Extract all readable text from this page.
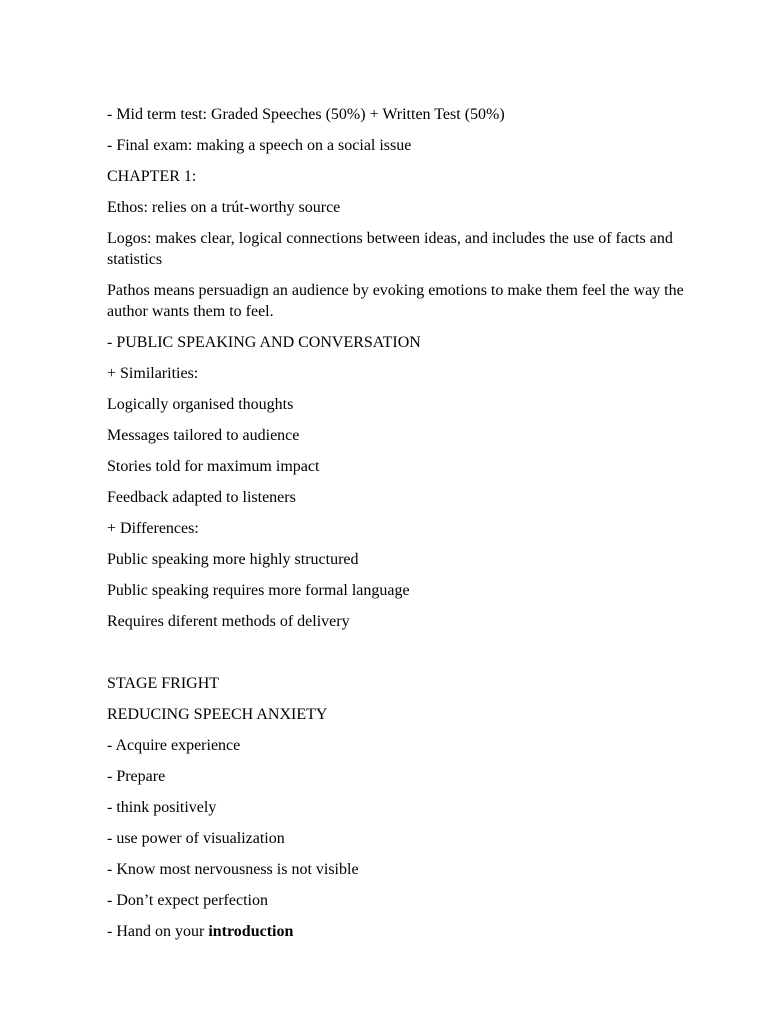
- Mid term test: Graded Speeches (50%) + Written Test (50%)
- Final exam: making a speech on a social issue
CHAPTER 1:
Ethos: relies on a trút-worthy source
Logos: makes clear, logical connections between ideas, and includes the use of facts and statistics
Pathos means persuadign an audience by evoking emotions to make them feel the way the author wants them to feel.
- PUBLIC SPEAKING AND CONVERSATION
+ Similarities:
Logically organised thoughts
Messages tailored to audience
Stories told for maximum impact
Feedback adapted to listeners
+ Differences:
Public speaking more highly structured
Public speaking requires more formal language
Requires diferent methods of delivery
STAGE FRIGHT
REDUCING SPEECH ANXIETY
- Acquire experience
- Prepare
- think positively
- use power of visualization
- Know most nervousness is not visible
- Don’t expect perfection
- Hand on your introduction
